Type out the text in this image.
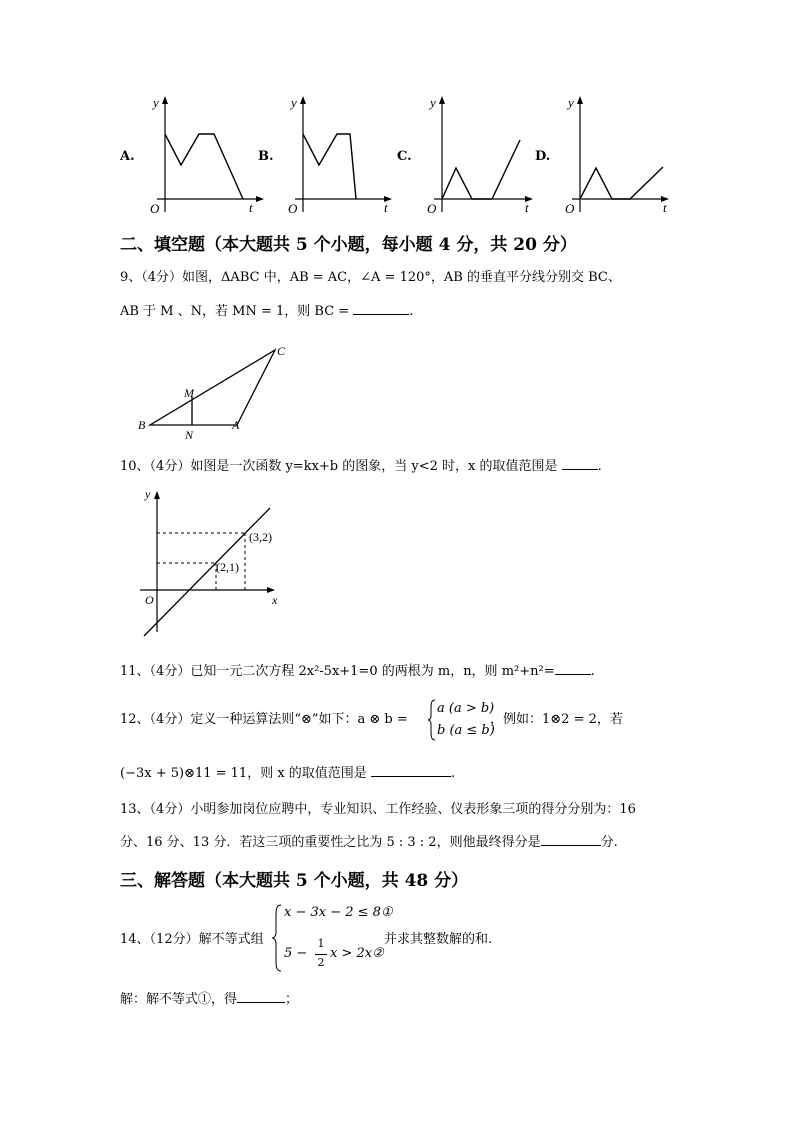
A.
y
t
O
B.
y
t
O
C.
y
t
O
D.
y
t
O
二、填空题（本大题共 5 个小题，每小题 4 分，共 20 分）
9、（4分）如图，ΔABC 中，AB = AC，∠A = 120°，AB 的垂直平分线分别交 BC、
AB 于 M 、N，若 MN = 1，则 BC =	.
B
N
A
M
C
10、（4分）如图是一次函数 y=kx+b 的图象，当 y<2 时，x 的取值范围是	.
y
x
O
(3,2)
(2,1)
11、（4分）已知一元二次方程 2x²-5x+1=0 的两根为 m，n，则 m²+n²=	.
12、（4分）定义一种运算法则“⊗”如下：a ⊗ b =
a (a > b)
b (a ≤ b)
，例如：1⊗2 = 2，若
(−3x + 5)⊗11 = 11，则 x 的取值范围是	.
13、（4分）小明参加岗位应聘中，专业知识、工作经验、仪表形象三项的得分分别为：16
分、16 分、13 分．若这三项的重要性之比为 5 : 3 : 2，则他最终得分是	分.
三、解答题（本大题共 5 个小题，共 48 分）
14、（12分）解不等式组
x − 3x − 2 ≤ 8①
5 −
1
2
x > 2x②
并求其整数解的和.
解：解不等式①，得	；
